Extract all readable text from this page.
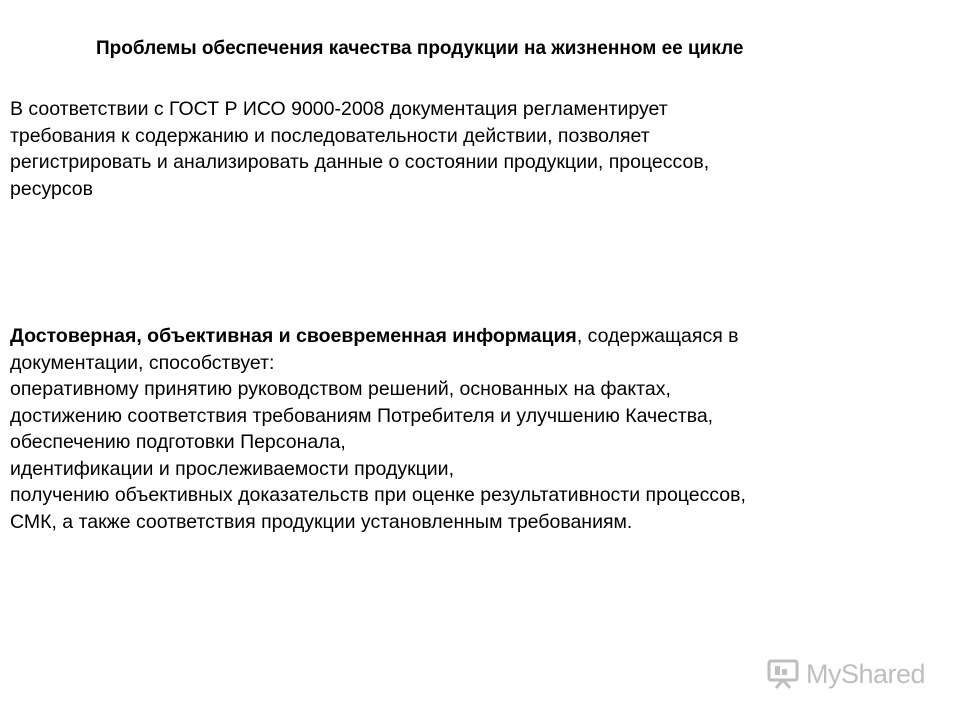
Проблемы обеспечения качества продукции на жизненном ее цикле
В соответствии с ГОСТ Р ИСО 9000-2008 документация регламентирует
требования к содержанию и последовательности действии, позволяет
регистрировать и анализировать данные о состоянии продукции, процессов,
ресурсов
Достоверная, объективная и своевременная информация, содержащаяся в
документации, способствует:
оперативному принятию руководством решений, основанных на фактах,
достижению соответствия требованиям Потребителя и улучшению Качества,
обеспечению подготовки Персонала,
идентификации и прослеживаемости продукции,
получению объективных доказательств при оценке результативности процессов,
СМК, а также соответствия продукции установленным требованиям.
MyShared
